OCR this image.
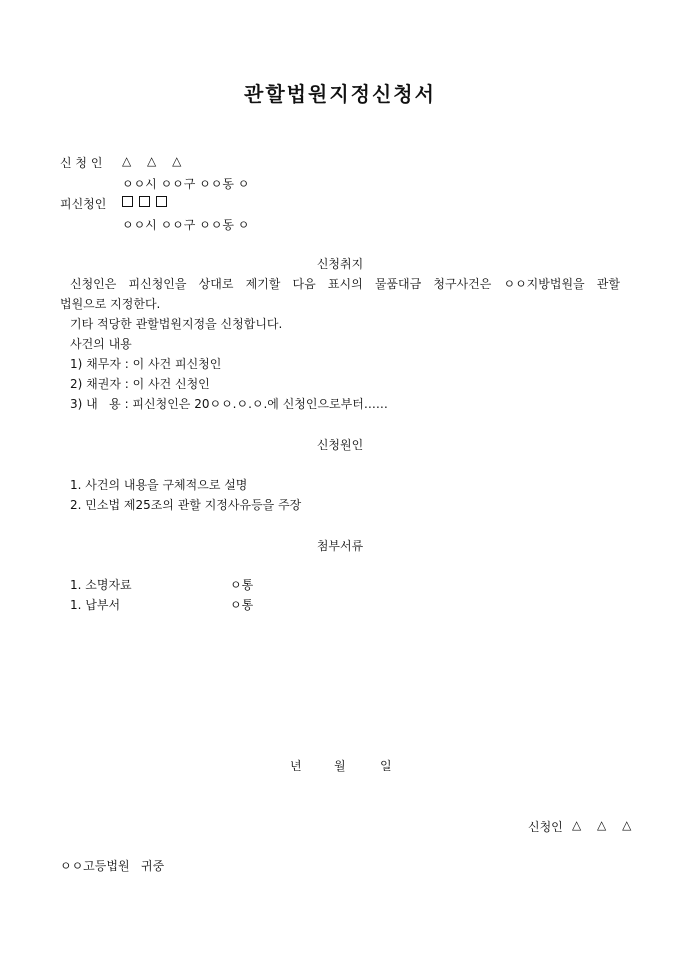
관할법원지정신청서
신 청 인 △ △ △
ㅇㅇ시 ㅇㅇ구 ㅇㅇ동 ㅇ
피신청인
ㅇㅇ시 ㅇㅇ구 ㅇㅇ동 ㅇ
신청취지
신청인은 피신청인을 상대로 제기할 다음 표시의 물품대금 청구사건은 ㅇㅇ지방법원을 관할
법원으로 지정한다.
기타 적당한 관할법원지정을 신청합니다.
사건의 내용
1) 채무자 : 이 사건 피신청인
2) 채권자 : 이 사건 신청인
3) 내   용 : 피신청인은 20ㅇㅇ.ㅇ.ㅇ.에 신청인으로부터……
신청원인
1. 사건의 내용을 구체적으로 설명
2. 민소법 제25조의 관할 지정사유등을 주장
첨부서류
1. 소명자료	ㅇ통
1. 납부서	ㅇ통
년	월	일
신청인 △ △ △
ㅇㅇ고등법원   귀중
